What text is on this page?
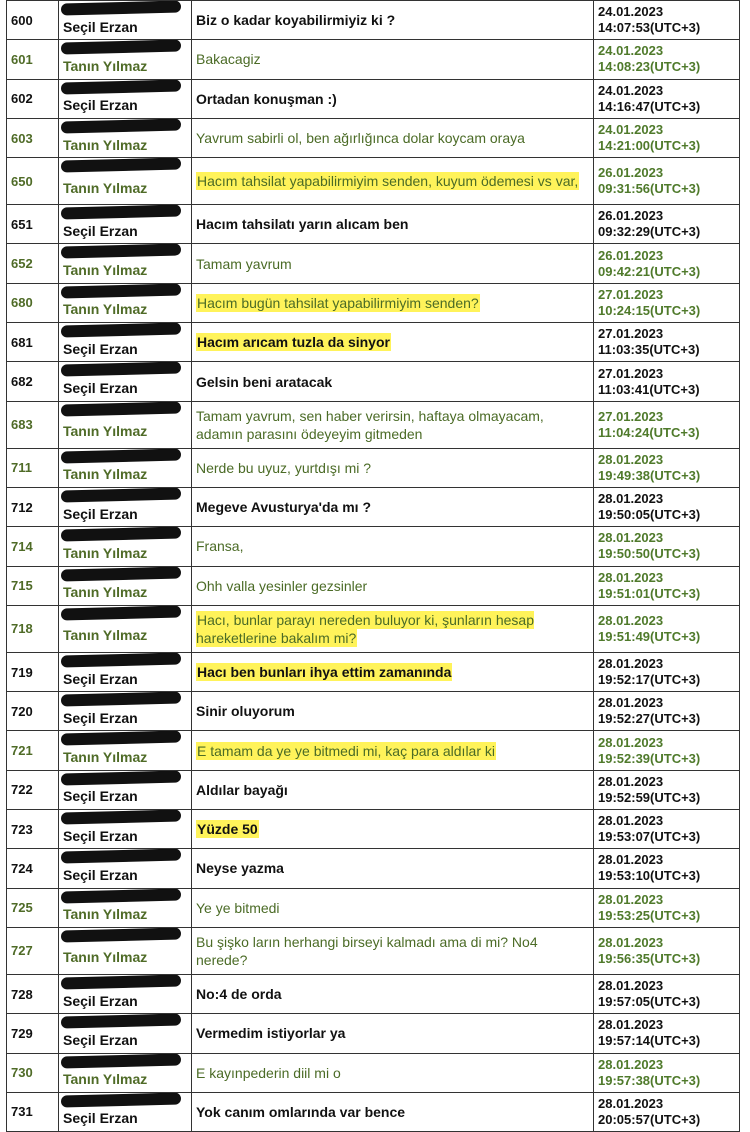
600	Seçil Erzan	Biz o kadar koyabilirmiyiz ki ?	24.01.2023
14:07:53(UTC+3)

601	Tanın Yılmaz	Bakacagiz	24.01.2023
14:08:23(UTC+3)

602	Seçil Erzan	Ortadan konuşman :)	24.01.2023
14:16:47(UTC+3)

603	Tanın Yılmaz	Yavrum sabirli ol, ben ağırlığınca dolar koycam oraya	24.01.2023
14:21:00(UTC+3)

650	Tanın Yılmaz	Hacım tahsilat yapabilirmiyim senden, kuyum ödemesi vs var,	26.01.2023
09:31:56(UTC+3)

651	Seçil Erzan	Hacım tahsilatı yarın alıcam ben	26.01.2023
09:32:29(UTC+3)

652	Tanın Yılmaz	Tamam yavrum	26.01.2023
09:42:21(UTC+3)

680	Tanın Yılmaz	Hacım bugün tahsilat yapabilirmiyim senden?	27.01.2023
10:24:15(UTC+3)

681	Seçil Erzan	Hacım arıcam tuzla da sinyor	27.01.2023
11:03:35(UTC+3)

682	Seçil Erzan	Gelsin beni aratacak	27.01.2023
11:03:41(UTC+3)

683	Tanın Yılmaz	Tamam yavrum, sen haber verirsin, haftaya olmayacam, adamın parasını ödeyeyim gitmeden	27.01.2023
11:04:24(UTC+3)

711	Tanın Yılmaz	Nerde bu uyuz, yurtdışı mi ?	28.01.2023
19:49:38(UTC+3)

712	Seçil Erzan	Megeve Avusturya'da mı ?	28.01.2023
19:50:05(UTC+3)

714	Tanın Yılmaz	Fransa,	28.01.2023
19:50:50(UTC+3)

715	Tanın Yılmaz	Ohh valla yesinler gezsinler	28.01.2023
19:51:01(UTC+3)

718	Tanın Yılmaz	Hacı, bunlar parayı nereden buluyor ki, şunların hesap hareketlerine bakalım mi?	28.01.2023
19:51:49(UTC+3)

719	Seçil Erzan	Hacı ben bunları ihya ettim zamanında	28.01.2023
19:52:17(UTC+3)

720	Seçil Erzan	Sinir oluyorum	28.01.2023
19:52:27(UTC+3)

721	Tanın Yılmaz	E tamam da ye ye bitmedi mi, kaç para aldılar ki	28.01.2023
19:52:39(UTC+3)

722	Seçil Erzan	Aldılar bayağı	28.01.2023
19:52:59(UTC+3)

723	Seçil Erzan	Yüzde 50	28.01.2023
19:53:07(UTC+3)

724	Seçil Erzan	Neyse yazma	28.01.2023
19:53:10(UTC+3)

725	Tanın Yılmaz	Ye ye bitmedi	28.01.2023
19:53:25(UTC+3)

727	Tanın Yılmaz	Bu şişko ların herhangi birseyi kalmadı ama di mi? No4 nerede?	28.01.2023
19:56:35(UTC+3)

728	Seçil Erzan	No:4 de orda	28.01.2023
19:57:05(UTC+3)

729	Seçil Erzan	Vermedim istiyorlar ya	28.01.2023
19:57:14(UTC+3)

730	Tanın Yılmaz	E kayınpederin diil mi o	28.01.2023
19:57:38(UTC+3)

731	Seçil Erzan	Yok canım omlarında var bence	28.01.2023
20:05:57(UTC+3)
